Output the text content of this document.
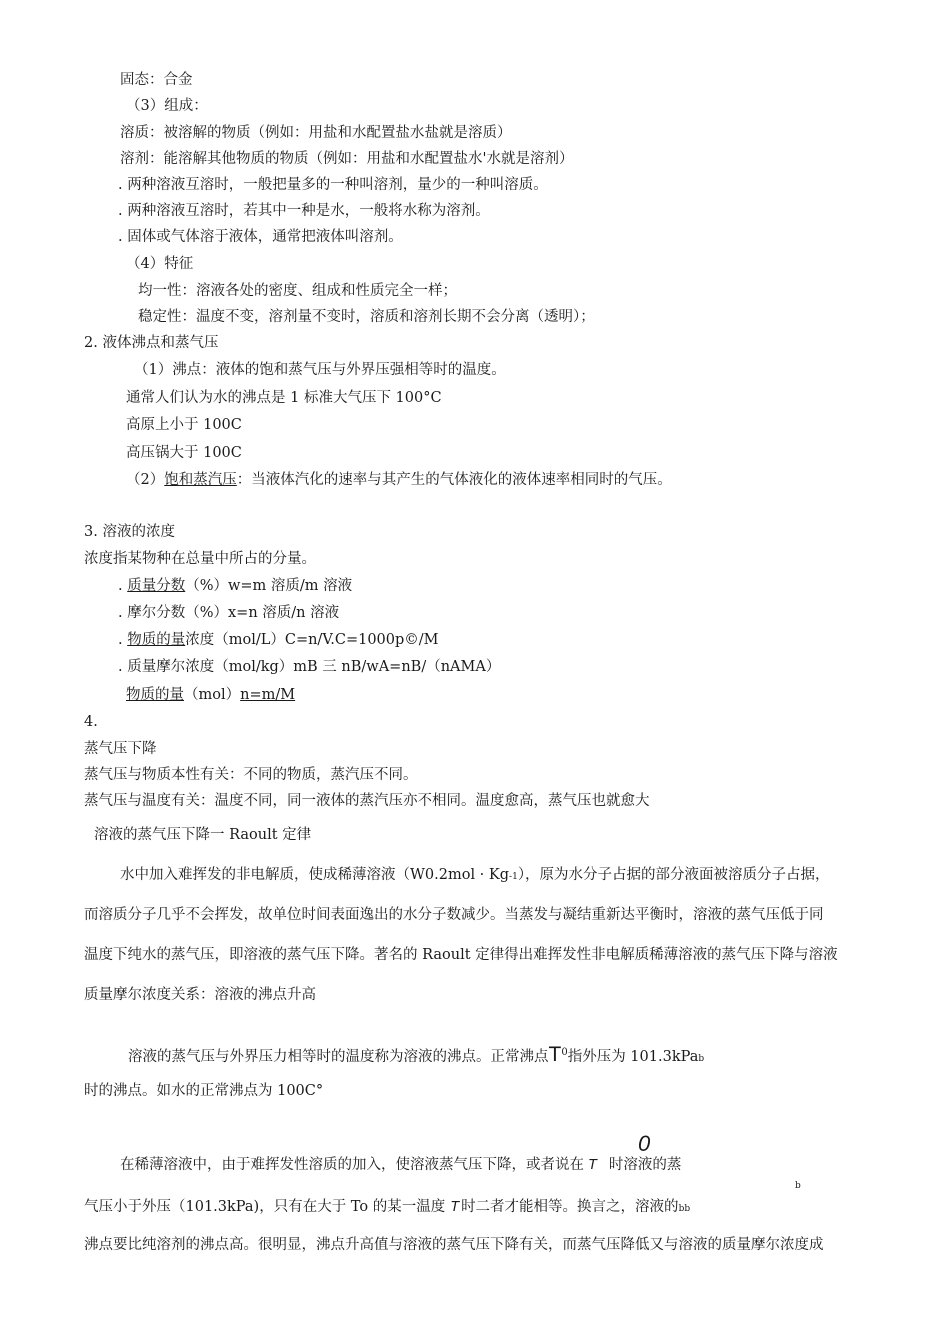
固态：合金
（3）组成：
溶质：被溶解的物质（例如：用盐和水配置盐水盐就是溶质）
溶剂：能溶解其他物质的物质（例如：用盐和水配置盐水'水就是溶剂）
. 两种溶液互溶时，一般把量多的一种叫溶剂，量少的一种叫溶质。
. 两种溶液互溶时，若其中一种是水，一般将水称为溶剂。
. 固体或气体溶于液体，通常把液体叫溶剂。
（4）特征
均一性：溶液各处的密度、组成和性质完全一样；
稳定性：温度不变，溶剂量不变时，溶质和溶剂长期不会分离（透明）；
2. 液体沸点和蒸气压
（1）沸点：液体的饱和蒸气压与外界压强相等时的温度。
通常人们认为水的沸点是 1 标准大气压下 100°C
高原上小于 100C
高压锅大于 100C
（2）饱和蒸汽压：当液体汽化的速率与其产生的气体液化的液体速率相同时的气压。
3. 溶液的浓度
浓度指某物种在总量中所占的分量。
. 质量分数（%）w=m 溶质/m 溶液
. 摩尔分数（%）x=n 溶质/n 溶液
. 物质的量浓度（mol/L）C=n/V.C=1000p©/M
. 质量摩尔浓度（mol/kg）mB 三 nB/wA=nB/（nAMA）
物质的量（mol）n=m/M
4.
蒸气压下降
蒸气压与物质本性有关：不同的物质，蒸汽压不同。
蒸气压与温度有关：温度不同，同一液体的蒸汽压亦不相同。温度愈高，蒸气压也就愈大
溶液的蒸气压下降一 Raoult 定律
水中加入难挥发的非电解质，使成稀薄溶液（W0.2mol · Kg-1），原为水分子占据的部分液面被溶质分子占据，
而溶质分子几乎不会挥发，故单位时间表面逸出的水分子数减少。当蒸发与凝结重新达平衡时，溶液的蒸气压低于同
温度下纯水的蒸气压，即溶液的蒸气压下降。著名的 Raoult 定律得出难挥发性非电解质稀薄溶液的蒸气压下降与溶液
质量摩尔浓度关系：溶液的沸点升高
溶液的蒸气压与外界压力相等时的温度称为溶液的沸点。正常沸点$T^0$指外压为 101.3kPab
时的沸点。如水的正常沸点为 100C°
在稀薄溶液中，由于难挥发性溶质的加入，使溶液蒸气压下降，或者说在 T 时溶液的蒸
0
b
气压小于外压（101.3kPa)，只有在大于 To 的某一温度 T 时二者才能相等。换言之，溶液的bb
沸点要比纯溶剂的沸点高。很明显，沸点升高值与溶液的蒸气压下降有关，而蒸气压降低又与溶液的质量摩尔浓度成
